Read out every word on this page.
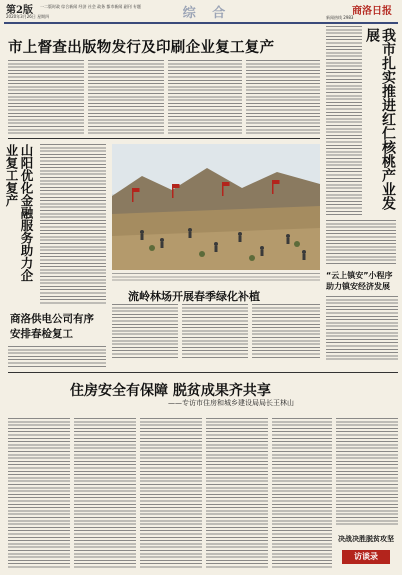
第2版 一二版时政 综合新闻 经济 社会 政务 都市新闻 副刊 专题
2020年3月26日 星期四	综 合	商洛日报
新闻热线 2983
市上督查出版物发行及印刷企业复工复产	我市扎实推进红仁核桃产业发展
山阳优化金融服务助力企业复工复产
流岭林场开展春季绿化补植
“云上镇安”小程序助力镇安经济发展
商洛供电公司有序安排春检复工
住房安全有保障 脱贫成果齐共享
——专访市住房和城乡建设局局长王林山
决战决胜脱贫攻坚
访谈录
